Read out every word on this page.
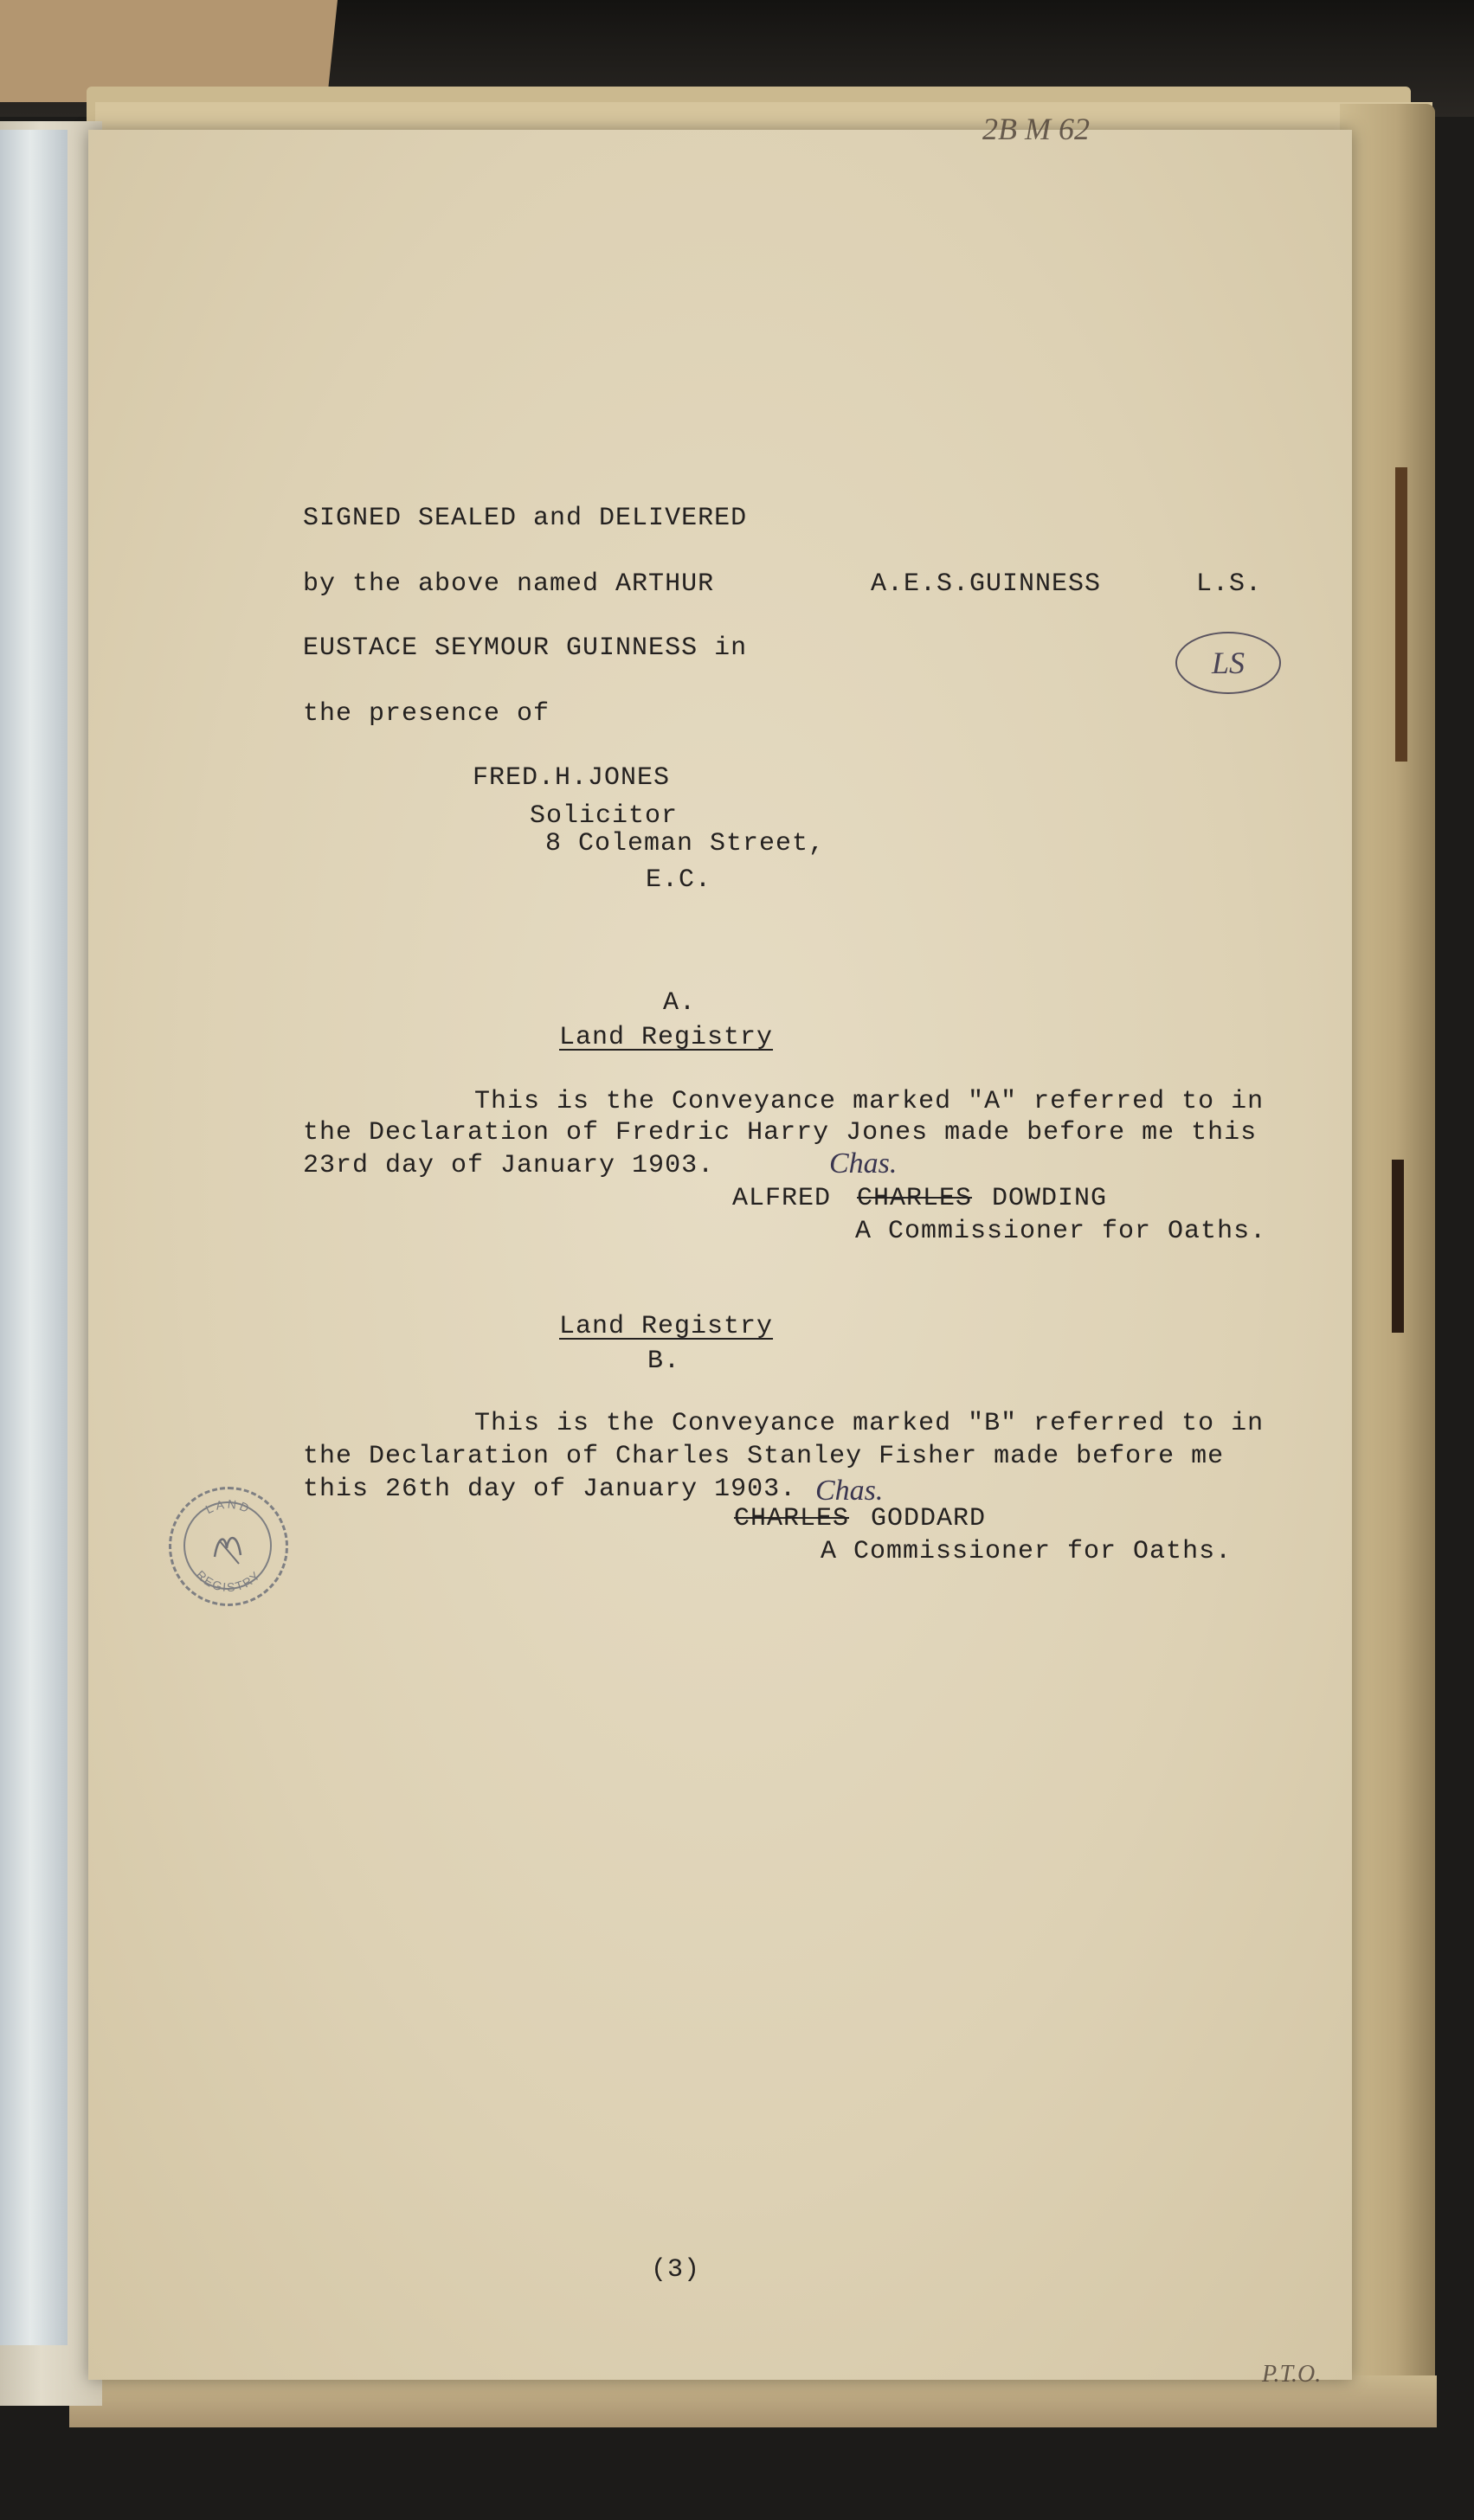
2B M 62
SIGNED SEALED and DELIVERED
by the above named ARTHUR	A.E.S.GUINNESS	L.S.
EUSTACE SEYMOUR GUINNESS in
the presence of
LS
FRED.H.JONES
Solicitor
8 Coleman Street,
E.C.
A.
Land Registry
This is the Conveyance marked "A" referred to in
the Declaration of Fredric Harry Jones made before me this
23rd day of January 1903.	Chas.
ALFRED CHARLES DOWDING
A Commissioner for Oaths.
Land Registry
B.
This is the Conveyance marked "B" referred to in
the Declaration of Charles Stanley Fisher made before me
this 26th day of January 1903. Chas.
CHARLES GODDARD
A Commissioner for Oaths.
LAND
REGISTRY
(3)
P.T.O.
